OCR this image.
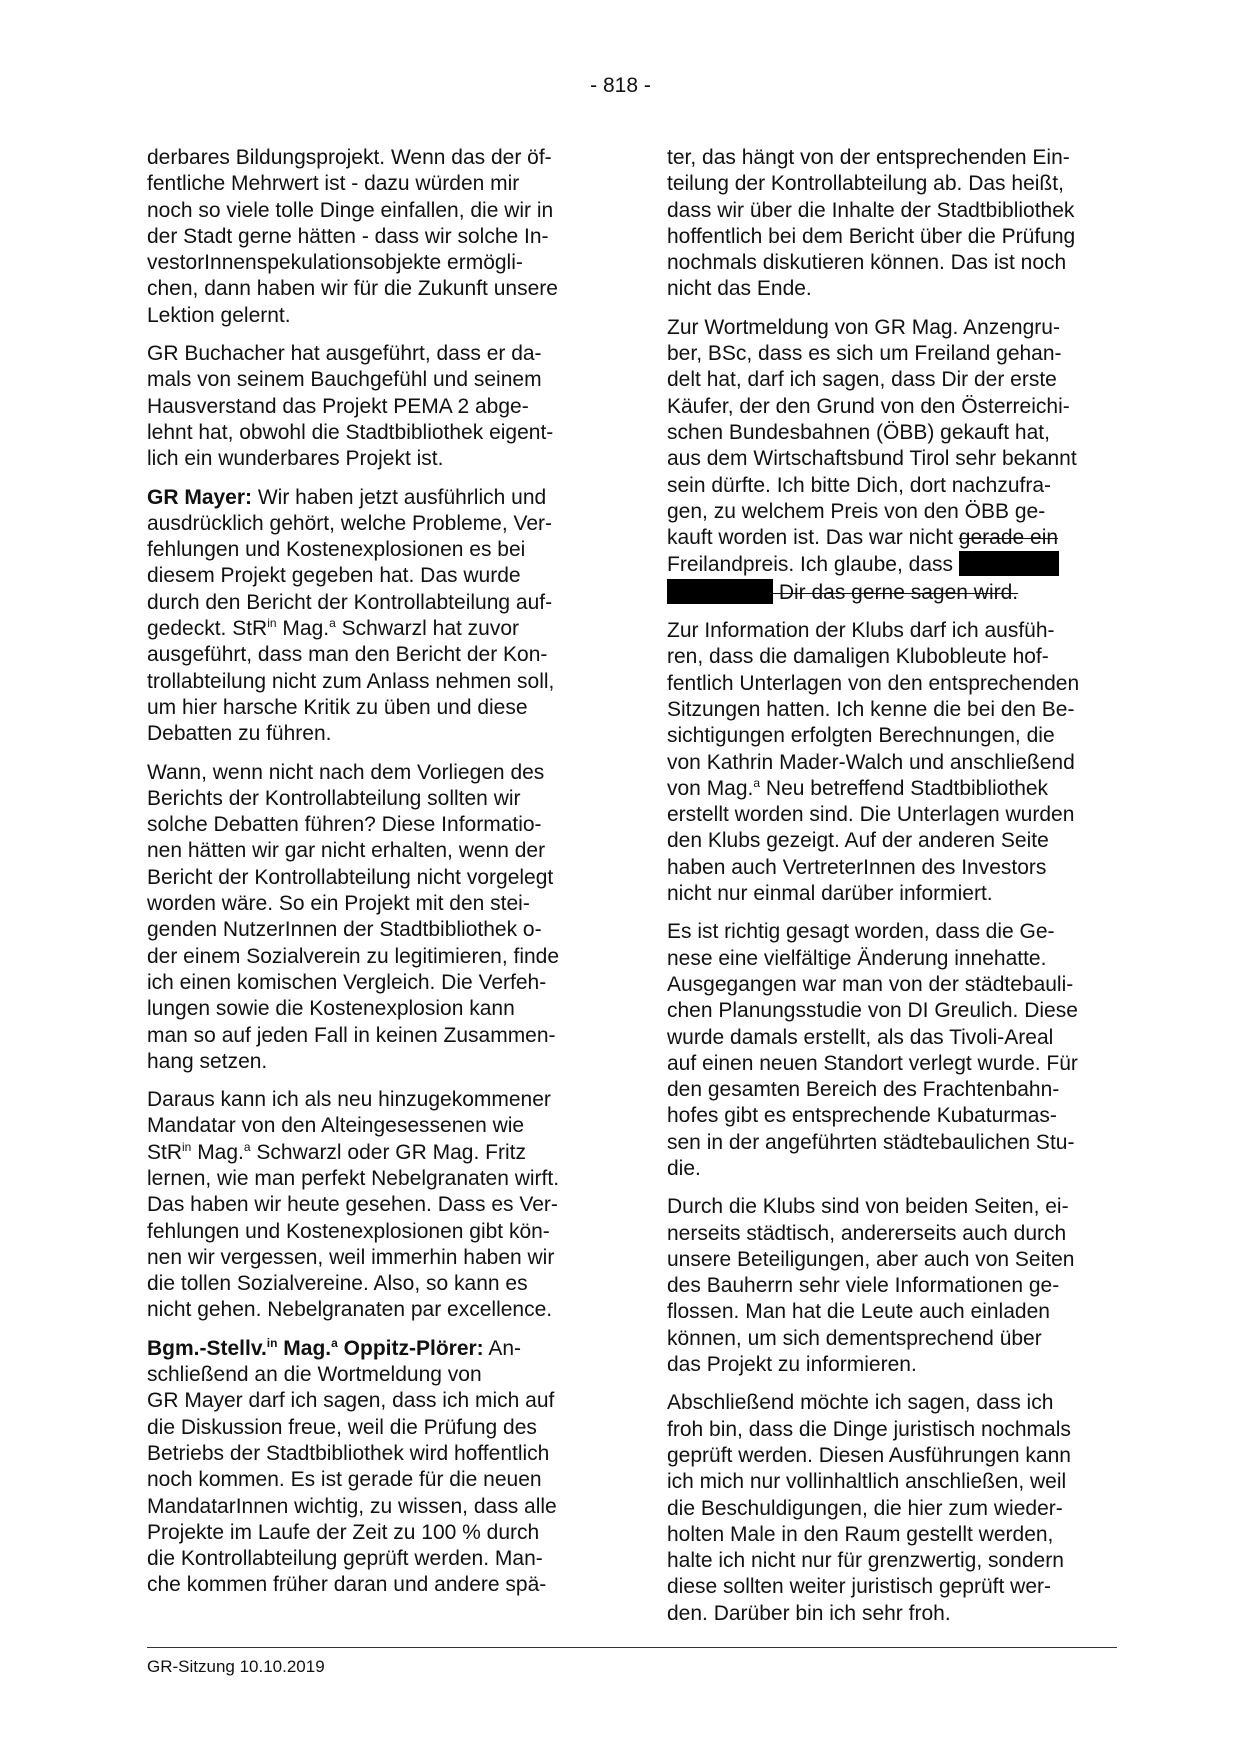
- 818 -

derbares Bildungsprojekt. Wenn das der öf-
fentliche Mehrwert ist - dazu würden mir
noch so viele tolle Dinge einfallen, die wir in
der Stadt gerne hätten - dass wir solche In-
vestorInnenspekulationsobjekte ermögli-
chen, dann haben wir für die Zukunft unsere
Lektion gelernt.

GR Buchacher hat ausgeführt, dass er da-
mals von seinem Bauchgefühl und seinem
Hausverstand das Projekt PEMA 2 abge-
lehnt hat, obwohl die Stadtbibliothek eigent-
lich ein wunderbares Projekt ist.

GR Mayer: Wir haben jetzt ausführlich und
ausdrücklich gehört, welche Probleme, Ver-
fehlungen und Kostenexplosionen es bei
diesem Projekt gegeben hat. Das wurde
durch den Bericht der Kontrollabteilung auf-
gedeckt. StR$^{in}$ Mag.$^a$ Schwarzl hat zuvor
ausgeführt, dass man den Bericht der Kon-
trollabteilung nicht zum Anlass nehmen soll,
um hier harsche Kritik zu üben und diese
Debatten zu führen.

Wann, wenn nicht nach dem Vorliegen des
Berichts der Kontrollabteilung sollten wir
solche Debatten führen? Diese Informatio-
nen hätten wir gar nicht erhalten, wenn der
Bericht der Kontrollabteilung nicht vorgelegt
worden wäre. So ein Projekt mit den stei-
genden NutzerInnen der Stadtbibliothek o-
der einem Sozialverein zu legitimieren, finde
ich einen komischen Vergleich. Die Verfeh-
lungen sowie die Kostenexplosion kann
man so auf jeden Fall in keinen Zusammen-
hang setzen.

Daraus kann ich als neu hinzugekommener
Mandatar von den Alteingesessenen wie
StR$^{in}$ Mag.$^a$ Schwarzl oder GR Mag. Fritz
lernen, wie man perfekt Nebelgranaten wirft.
Das haben wir heute gesehen. Dass es Ver-
fehlungen und Kostenexplosionen gibt kön-
nen wir vergessen, weil immerhin haben wir
die tollen Sozialvereine. Also, so kann es
nicht gehen. Nebelgranaten par excellence.

Bgm.-Stellv.$^{in}$ Mag.$^a$ Oppitz-Plörer: An-
schließend an die Wortmeldung von
GR Mayer darf ich sagen, dass ich mich auf
die Diskussion freue, weil die Prüfung des
Betriebs der Stadtbibliothek wird hoffentlich
noch kommen. Es ist gerade für die neuen
MandatarInnen wichtig, zu wissen, dass alle
Projekte im Laufe der Zeit zu 100 % durch
die Kontrollabteilung geprüft werden. Man-
che kommen früher daran und andere spä-

ter, das hängt von der entsprechenden Ein-
teilung der Kontrollabteilung ab. Das heißt,
dass wir über die Inhalte der Stadtbibliothek
hoffentlich bei dem Bericht über die Prüfung
nochmals diskutieren können. Das ist noch
nicht das Ende.

Zur Wortmeldung von GR Mag. Anzengru-
ber, BSc, dass es sich um Freiland gehan-
delt hat, darf ich sagen, dass Dir der erste
Käufer, der den Grund von den Österreichi-
schen Bundesbahnen (ÖBB) gekauft hat,
aus dem Wirtschaftsbund Tirol sehr bekannt
sein dürfte. Ich bitte Dich, dort nachzufra-
gen, zu welchem Preis von den ÖBB ge-
kauft worden ist. Das war nicht gerade ein
Freilandpreis. Ich glaube, dass
Dir das gerne sagen wird.

Zur Information der Klubs darf ich ausfüh-
ren, dass die damaligen Klubobleute hof-
fentlich Unterlagen von den entsprechenden
Sitzungen hatten. Ich kenne die bei den Be-
sichtigungen erfolgten Berechnungen, die
von Kathrin Mader-Walch und anschließend
von Mag.$^a$ Neu betreffend Stadtbibliothek
erstellt worden sind. Die Unterlagen wurden
den Klubs gezeigt. Auf der anderen Seite
haben auch VertreterInnen des Investors
nicht nur einmal darüber informiert.

Es ist richtig gesagt worden, dass die Ge-
nese eine vielfältige Änderung innehatte.
Ausgegangen war man von der städtebauli-
chen Planungsstudie von DI Greulich. Diese
wurde damals erstellt, als das Tivoli-Areal
auf einen neuen Standort verlegt wurde. Für
den gesamten Bereich des Frachtenbahn-
hofes gibt es entsprechende Kubaturmas-
sen in der angeführten städtebaulichen Stu-
die.

Durch die Klubs sind von beiden Seiten, ei-
nerseits städtisch, andererseits auch durch
unsere Beteiligungen, aber auch von Seiten
des Bauherrn sehr viele Informationen ge-
flossen. Man hat die Leute auch einladen
können, um sich dementsprechend über
das Projekt zu informieren.

Abschließend möchte ich sagen, dass ich
froh bin, dass die Dinge juristisch nochmals
geprüft werden. Diesen Ausführungen kann
ich mich nur vollinhaltlich anschließen, weil
die Beschuldigungen, die hier zum wieder-
holten Male in den Raum gestellt werden,
halte ich nicht nur für grenzwertig, sondern
diese sollten weiter juristisch geprüft wer-
den. Darüber bin ich sehr froh.

GR-Sitzung 10.10.2019
